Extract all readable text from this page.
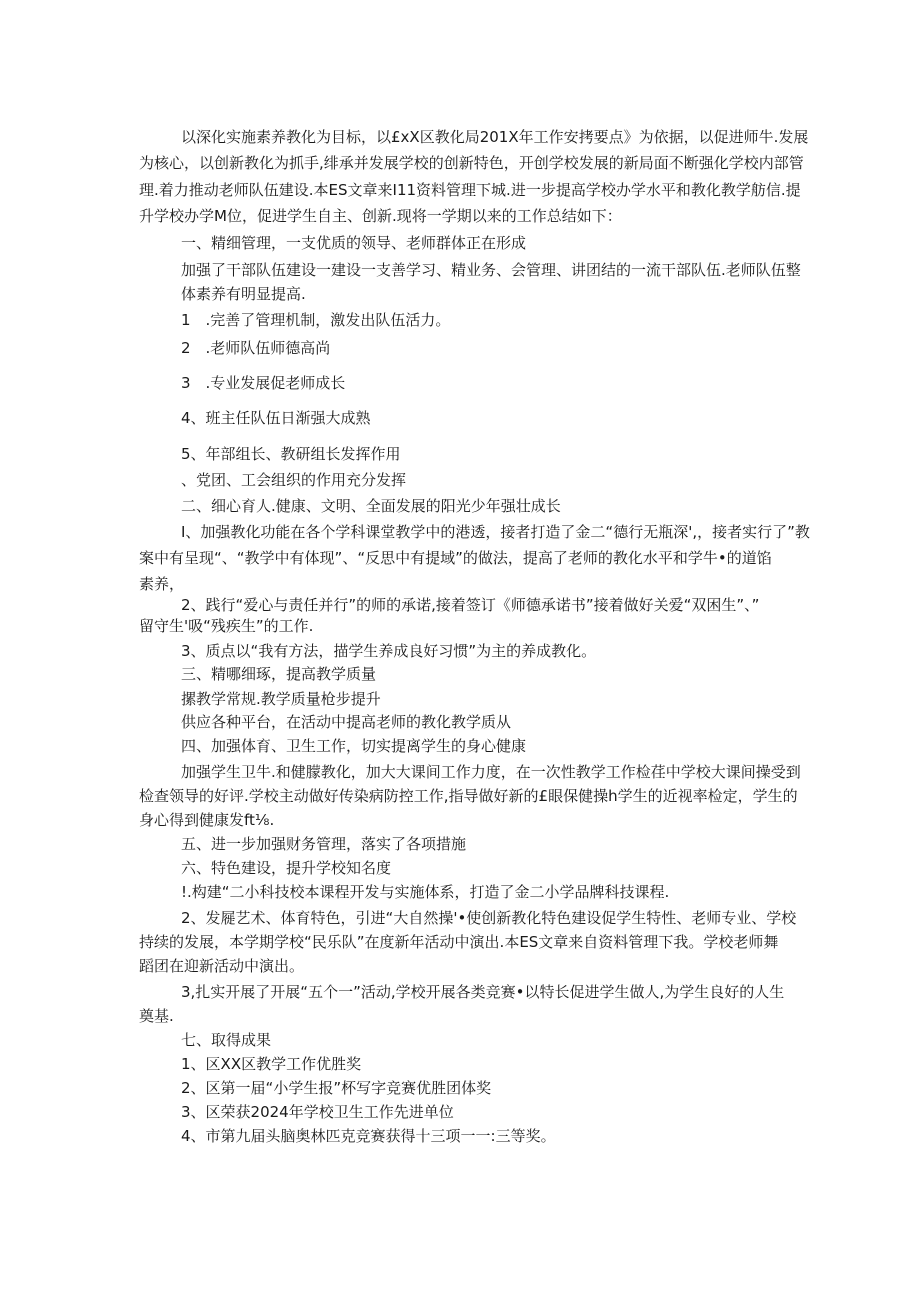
以深化实施素养教化为目标，以£xX区教化局201X年工作安拷要点》为依据，以促进师牛.发展
为核心，以创新教化为抓手,绯承并发展学校的创新特色，开创学校发展的新局面不断强化学校内部管
理.着力推动老师队伍建设.本ES文章来I11资料管理下城.进一步提高学校办学水平和教化教学舫信.提
升学校办学M位，促进学生自主、创新.现将一学期以来的工作总结如下：
一、精细管理，一支优质的领导、老师群体正在形成
加强了干部队伍建设一建设一支善学习、精业务、会管理、讲团结的一流干部队伍.老师队伍整
体素养有明显提高.
1　.完善了管理机制，激发出队伍活力。
2　.老师队伍师德高尚
3　.专业发展促老师成长
4、班主任队伍日渐强大成熟
5、年部组长、教研组长发挥作用
、党团、工会组织的作用充分发挥
二、细心育人.健康、文明、全面发展的阳光少年强壮成长
I、加强教化功能在各个学科课堂教学中的港透，接者打造了金二“德行无瓶深',，接者实行了”教
案中有呈现“、“教学中有体现”、“反思中有提域”的做法，提高了老师的教化水平和学牛•的道馅
素养，
2、践行“爱心与责任并行”的师的承诺,接着签订《师德承诺书”接着做好关爱“双困生”、”
留守生'吸“残疾生”的工作.
3、质点以“我有方法，描学生养成良好习惯”为主的养成教化。
三、精哪细琢，提高教学质量
摞教学常规.教学质量枪步提升
供应各种平台，在活动中提高老师的教化教学质从
四、加强体育、卫生工作，切实提离学生的身心健康
加强学生卫牛.和健朦教化，加大大课间工作力度，在一次性教学工作检荏中学校大课间操受到
检查领导的好评.学校主动做好传染病防控工作,指导做好新的£眼保健操h学生的近视率检定，学生的
身心得到健康发ft⅛.
五、进一步加强财务管理，落实了各项措施
六、特色建设，提升学校知名度
!.构建“二小科技校本课程开发与实施体系，打造了金二小学品牌科技课程.
2、发屣艺术、体育特色，引进“大自然操'•使创新教化特色建设促学生特性、老师专业、学校
持续的发展，本学期学校“民乐队”在度新年活动中演出.本ES文章来自资料管理下我。学校老师舞
蹈团在迎新活动中演出。
3,扎实开展了开展“五个一”活动,学校开展各类竞赛•以特长促进学生做人,为学生良好的人生
奠基.
七、取得成果
1、区XX区教学工作优胜奖
2、区第一届“小学生报”杯写字竞赛优胜团体奖
3、区荣获2024年学校卫生工作先进单位
4、市第九届头脑奥林匹克竞赛获得十三项一一:三等奖。
